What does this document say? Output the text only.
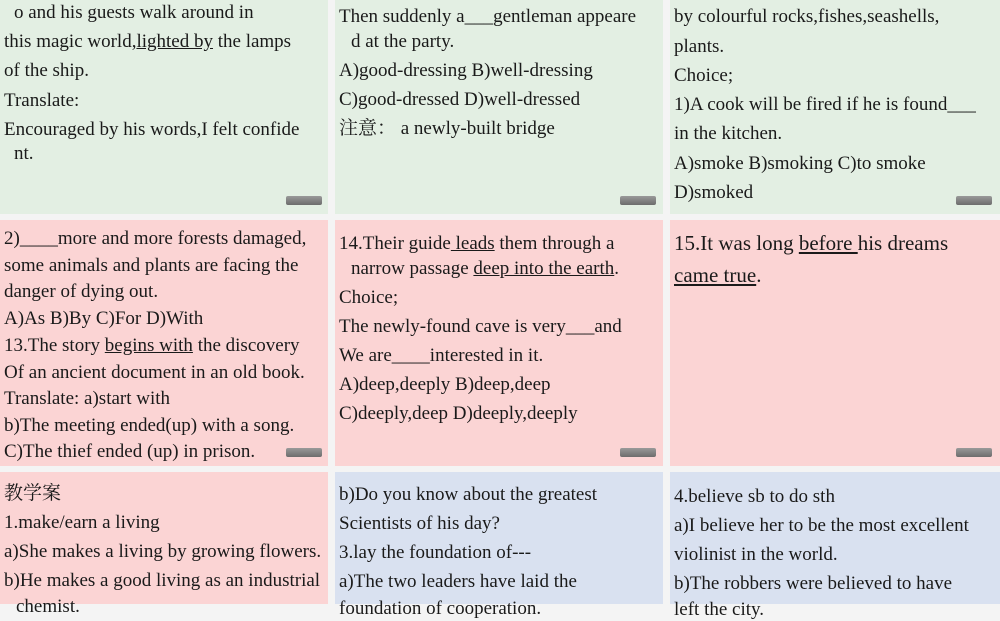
o and his guests walk around in
this magic world,lighted by the lamps
of the ship.
Translate:
Encouraged by his words,I felt confide
nt.
Then suddenly a___gentleman appeare
d at the party.
A)good-dressing B)well-dressing
C)good-dressed D)well-dressed
注意： a newly-built bridge
by colourful rocks,fishes,seashells,
plants.
Choice;
1)A cook will be fired if he is found___
in the kitchen.
A)smoke B)smoking C)to smoke
D)smoked
2)____more and more forests damaged,
some animals and plants are facing the
danger of dying out.
A)As B)By C)For D)With
13.The story begins with the discovery
Of an ancient document in an old book.
Translate: a)start with
b)The meeting ended(up) with a song.
C)The thief ended (up) in prison.
14.Their guide leads them through a
narrow passage deep into the earth.
Choice;
The newly-found cave is very___and
We are____interested in it.
A)deep,deeply B)deep,deep
C)deeply,deep D)deeply,deeply
15.It was long before his dreams
came true.
教学案
1.make/earn a living
a)She makes a living by growing flowers.
b)He makes a good living as an industrial
chemist.
b)Do you know about the greatest
Scientists of his day?
3.lay the foundation of---
a)The two leaders have laid the
foundation of cooperation.
4.believe sb to do sth
a)I believe her to be the most excellent
violinist in the world.
b)The robbers were believed to have
left the city.
